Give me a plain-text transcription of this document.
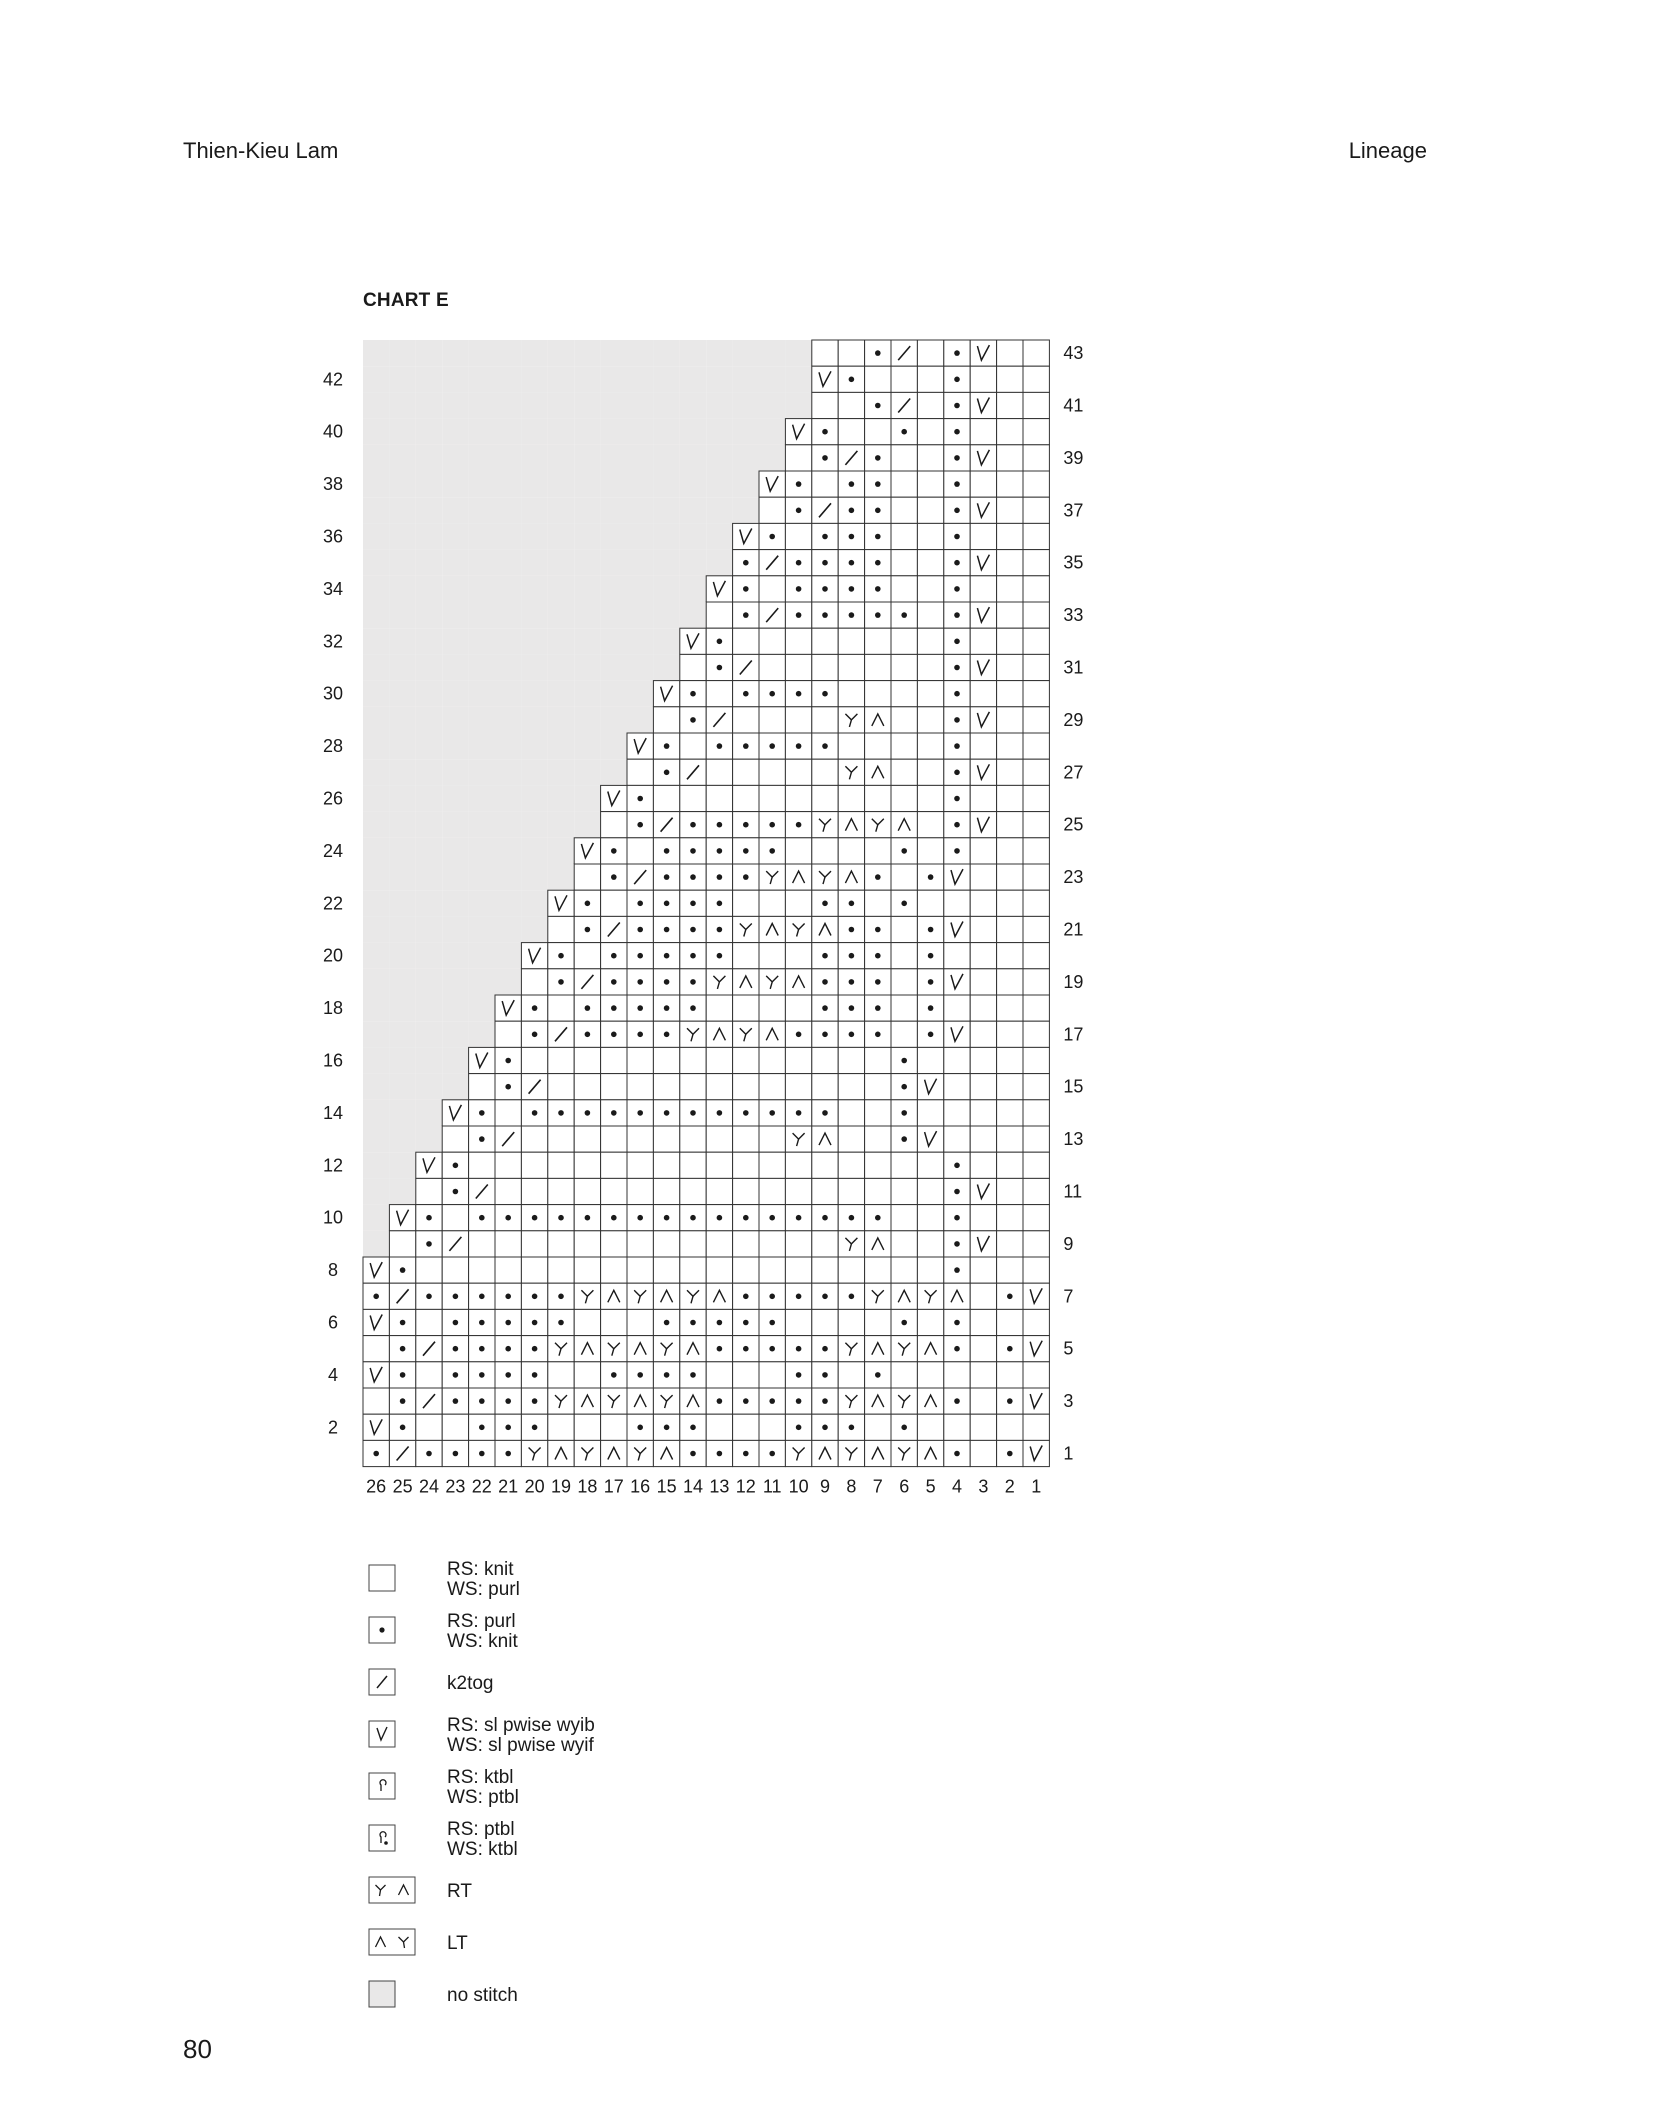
Thien-Kieu Lam	Lineage
CHART E
1
3
5
7
9
11
13
15
17
19
21
23
25
27
29
31
33
35
37
39
41
43
2
4
6
8
10
12
14
16
18
20
22
24
26
28
30
32
34
36
38
40
42
26 25 24 23 22 21 20 19 18 17 16 15 14 13 12 11 10 9 8 7 6 5 4 3 2 1
RS: knit
WS: purl
RS: purl
WS: knit
k2tog
RS: sl pwise wyib
WS: sl pwise wyif
RS: ktbl
WS: ptbl
RS: ptbl
WS: ktbl
RT
LT
no stitch
80
